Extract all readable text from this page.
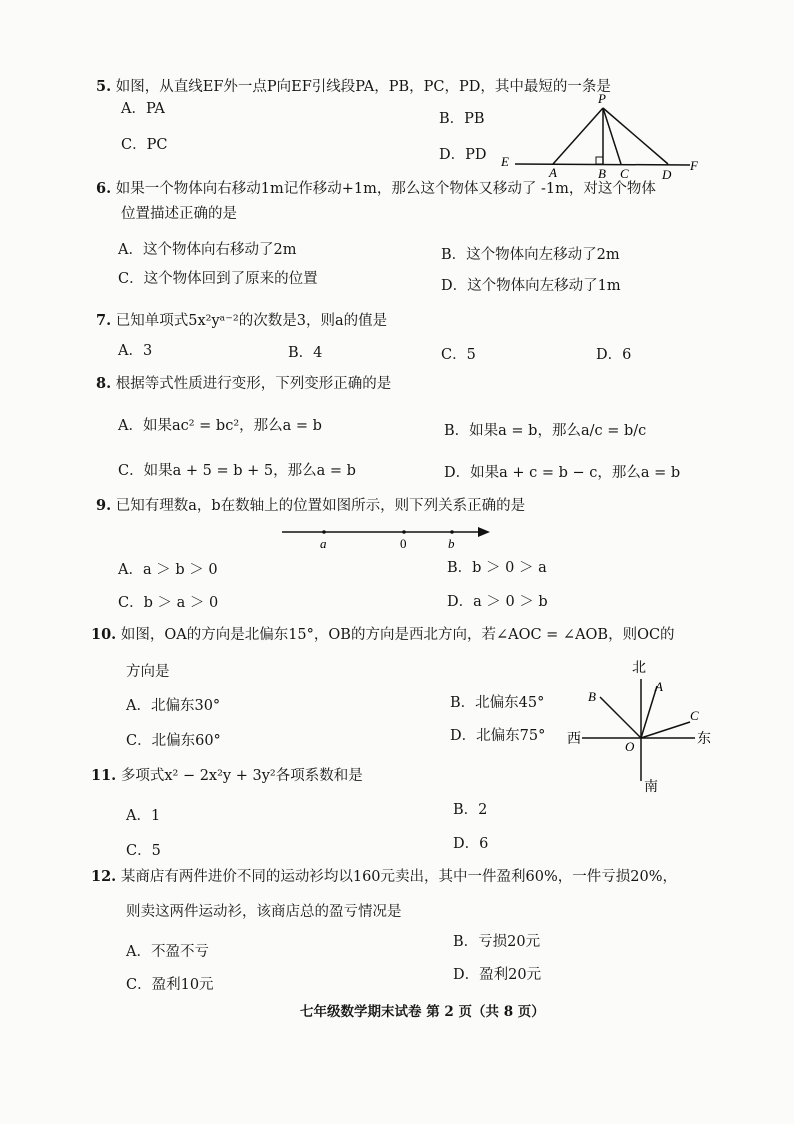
5. 如图，从直线EF外一点P向EF引线段PA，PB，PC，PD，其中最短的一条是
A．PA
B．PB
C．PC
D．PD
P
E
A	B C	D
F
6. 如果一个物体向右移动1m记作移动+1m，那么这个物体又移动了 -1m，对这个物体
位置描述正确的是
A．这个物体向右移动了2m	B．这个物体向左移动了2m
C．这个物体回到了原来的位置	D．这个物体向左移动了1m
7. 已知单项式5x²yᵃ⁻²的次数是3，则a的值是
A．3	B．4	C．5	D．6
8. 根据等式性质进行变形，下列变形正确的是
A．如果ac² = bc²，那么a = b	B．如果a = b，那么a/c = b/c
C．如果a + 5 = b + 5，那么a = b	D．如果a + c = b − c，那么a = b
9. 已知有理数a，b在数轴上的位置如图所示，则下列关系正确的是
a	0	b
A．a ＞ b ＞ 0	B．b ＞ 0 ＞ a
C．b ＞ a ＞ 0	D．a ＞ 0 ＞ b
10. 如图，OA的方向是北偏东15°，OB的方向是西北方向，若∠AOC = ∠AOB，则OC的
方向是
A．北偏东30°	B．北偏东45°
C．北偏东60°	D．北偏东75°
北
南
西	东
O
A
B
C
11. 多项式x² − 2x²y + 3y²各项系数和是
A．1	B．2
C．5	D．6
12. 某商店有两件进价不同的运动衫均以160元卖出，其中一件盈利60%，一件亏损20%，
则卖这两件运动衫，该商店总的盈亏情况是
A．不盈不亏
B．亏损20元
C．盈利10元
D．盈利20元
七年级数学期末试卷 第 2 页（共 8 页）
